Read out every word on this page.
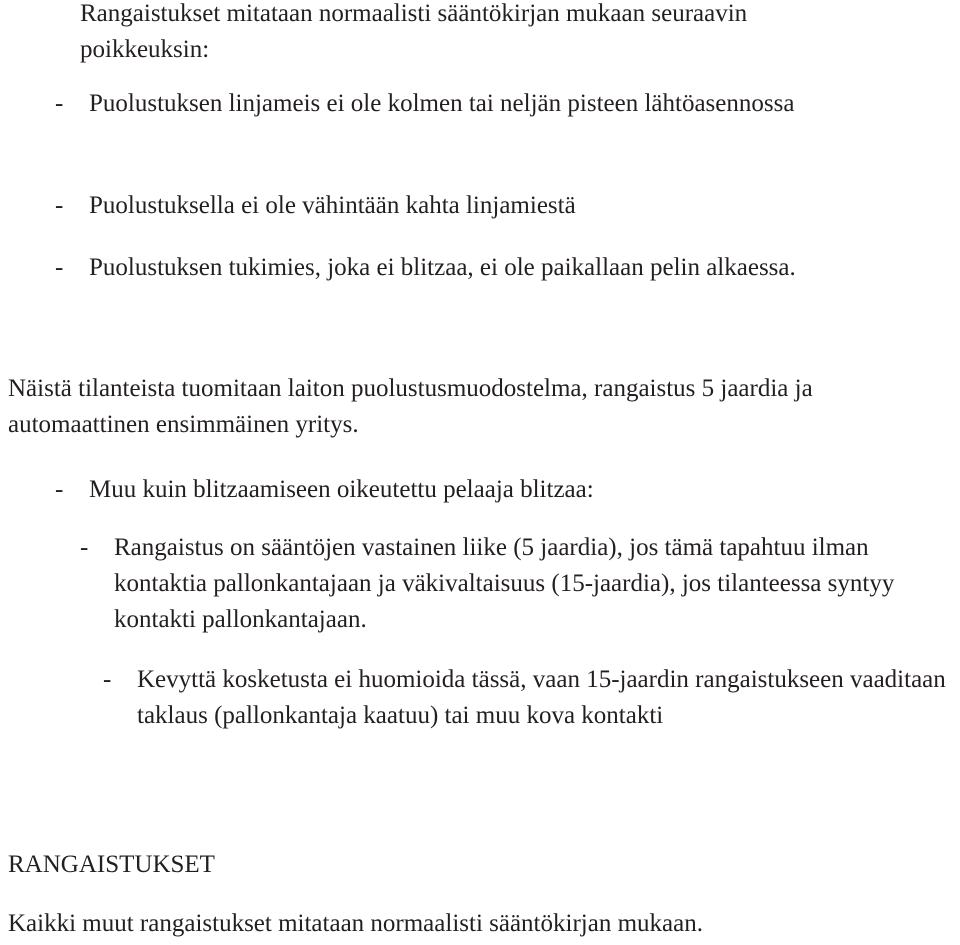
Rangaistukset mitataan normaalisti sääntökirjan mukaan seuraavin poikkeuksin:

- Puolustuksen linjameis ei ole kolmen tai neljän pisteen lähtöasennossa
- Puolustuksella ei ole vähintään kahta linjamiestä
- Puolustuksen tukimies, joka ei blitzaa, ei ole paikallaan pelin alkaessa.

Näistä tilanteista tuomitaan laiton puolustusmuodostelma, rangaistus 5 jaardia ja automaattinen ensimmäinen yritys.

- Muu kuin blitzaamiseen oikeutettu pelaaja blitzaa:
- Rangaistus on sääntöjen vastainen liike (5 jaardia), jos tämä tapahtuu ilman kontaktia pallonkantajaan ja väkivaltaisuus (15-jaardia), jos tilanteessa syntyy kontakti pallonkantajaan.
- Kevyttä kosketusta ei huomioida tässä, vaan 15-jaardin rangaistukseen vaaditaan taklaus (pallonkantaja kaatuu) tai muu kova kontakti
RANGAISTUKSET

Kaikki muut rangaistukset mitataan normaalisti sääntökirjan mukaan.
